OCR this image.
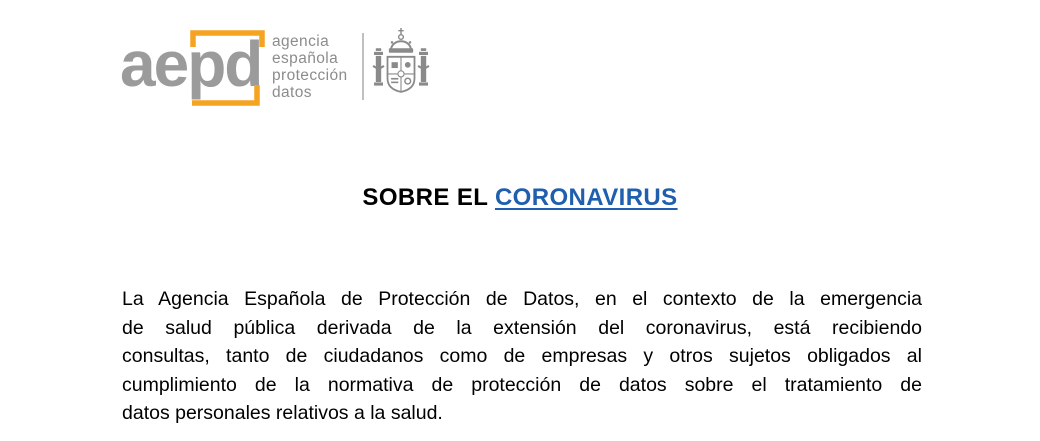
aepd agencia
española
protección
datos
SOBRE EL CORONAVIRUS
La Agencia Española de Protección de Datos, en el contexto de la emergencia
de salud pública derivada de la extensión del coronavirus, está recibiendo
consultas, tanto de ciudadanos como de empresas y otros sujetos obligados al
cumplimiento de la normativa de protección de datos sobre el tratamiento de
datos personales relativos a la salud.
